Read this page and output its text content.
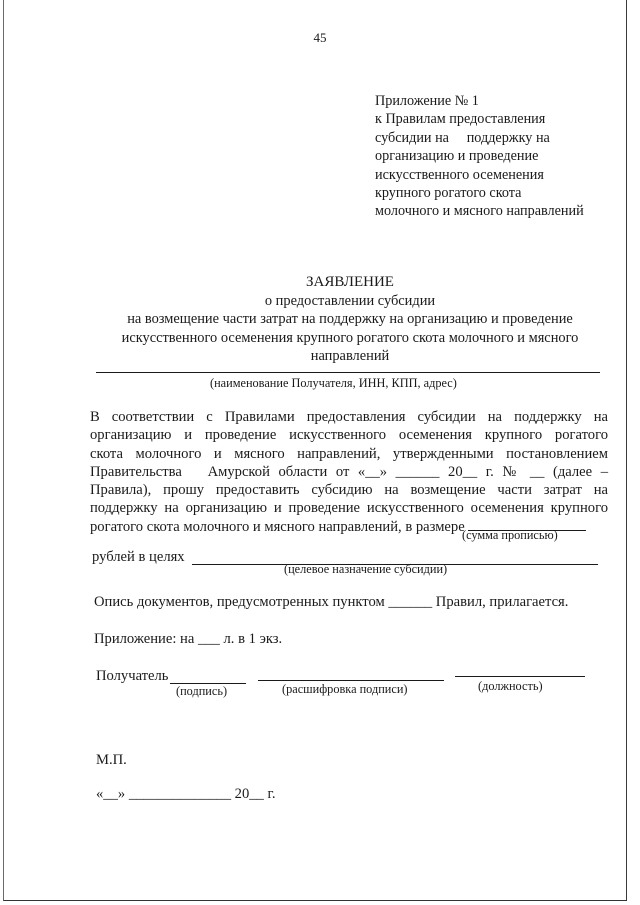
45
Приложение № 1
к Правилам предоставления
субсидии на     поддержку на
организацию и проведение
искусственного осеменения
крупного рогатого скота
молочного и мясного направлений
ЗАЯВЛЕНИЕ
о предоставлении субсидии
на возмещение части затрат на поддержку на организацию и проведение
искусственного осеменения крупного рогатого скота молочного и мясного
направлений
(наименование Получателя, ИНН, КПП, адрес)
В соответствии с Правилами предоставления субсидии на поддержку на
организацию и проведение искусственного осеменения крупного рогатого
скота молочного и мясного направлений, утвержденными постановлением
Правительства   Амурской области от «__» ______ 20__ г. № __ (далее –
Правила), прошу предоставить субсидию на возмещение части затрат на
поддержку на организацию и проведение искусственного осеменения крупного
рогатого скота молочного и мясного направлений, в размере
(сумма прописью)
рублей в целях
(целевое назначение субсидии)
Опись документов, предусмотренных пунктом ______ Правил, прилагается.
Приложение: на ___ л. в 1 экз.
Получатель
(подпись)	(расшифровка подписи)	(должность)
М.П.
«__» ______________ 20__ г.
